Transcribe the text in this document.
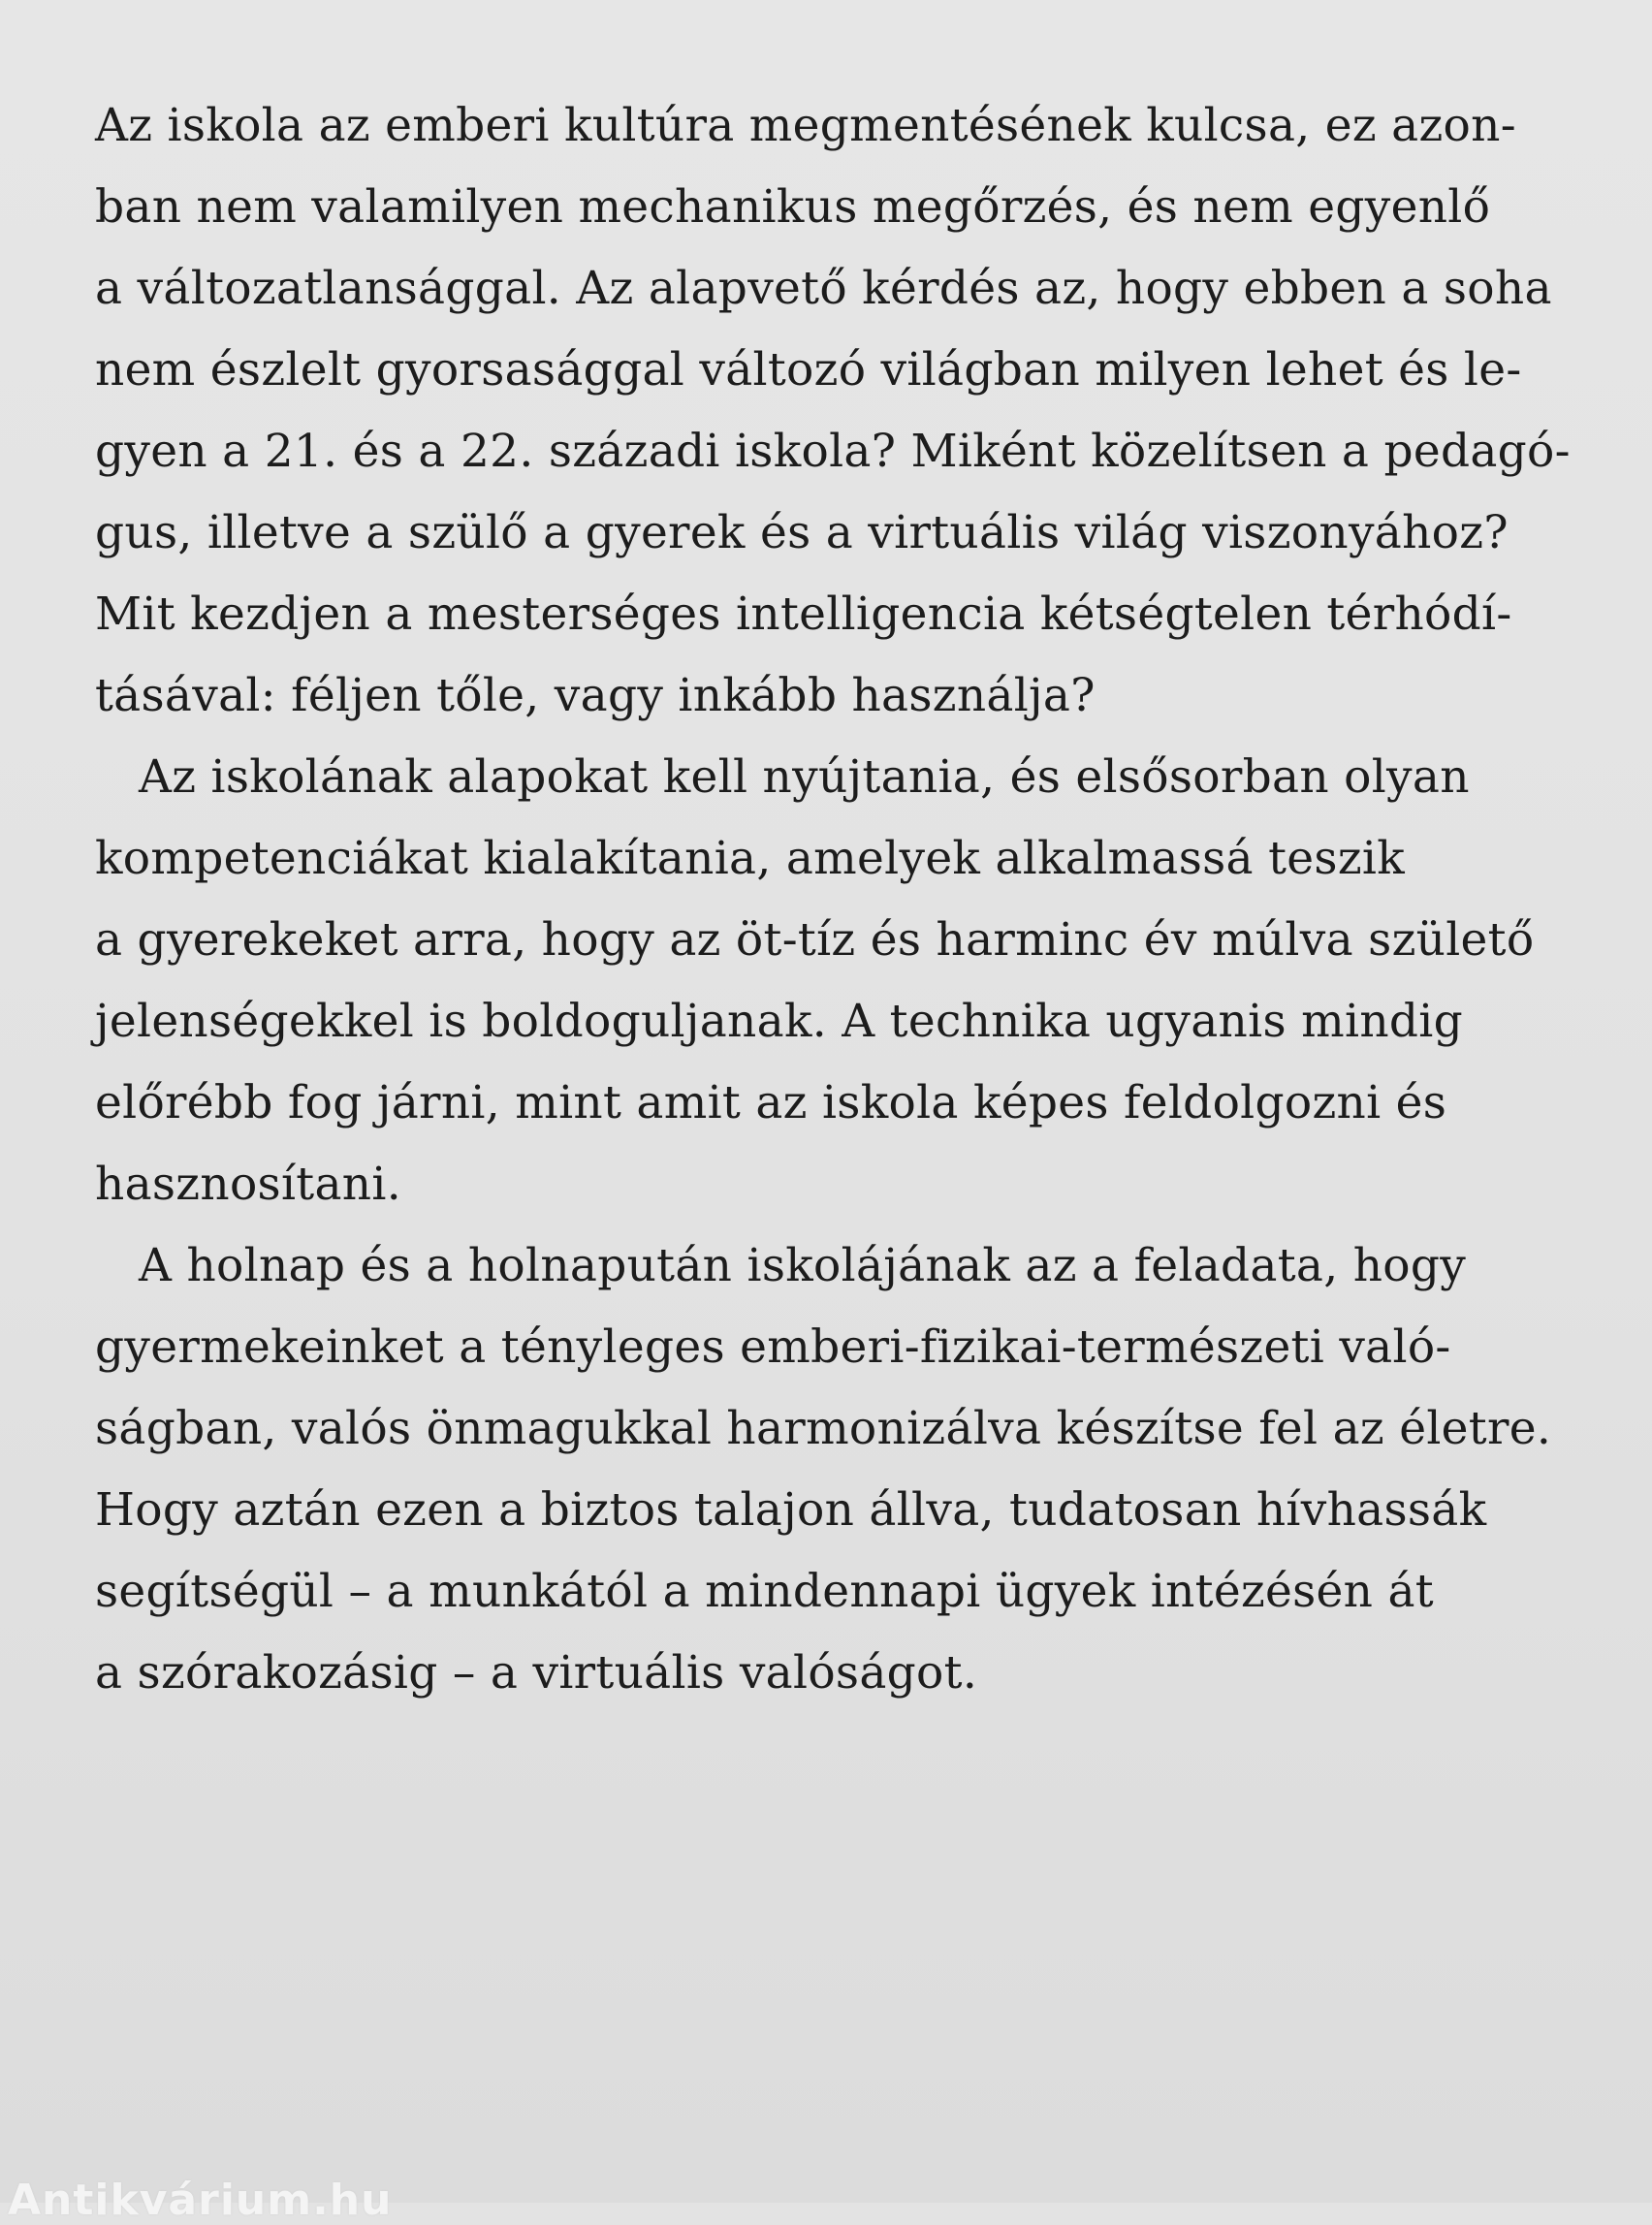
Az iskola az emberi kultúra megmentésének kulcsa, ez azon-
ban nem valamilyen mechanikus megőrzés, és nem egyenlő
a változatlansággal. Az alapvető kérdés az, hogy ebben a soha
nem észlelt gyorsasággal változó világban milyen lehet és le-
gyen a 21. és a 22. századi iskola? Miként közelítsen a pedagó-
gus, illetve a szülő a gyerek és a virtuális világ viszonyához?
Mit kezdjen a mesterséges intelligencia kétségtelen térhódí-
tásával: féljen tőle, vagy inkább használja?
Az iskolának alapokat kell nyújtania, és elsősorban olyan
kompetenciákat kialakítania, amelyek alkalmassá teszik
a gyerekeket arra, hogy az öt-tíz és harminc év múlva születő
jelenségekkel is boldoguljanak. A technika ugyanis mindig
előrébb fog járni, mint amit az iskola képes feldolgozni és
hasznosítani.
A holnap és a holnapután iskolájának az a feladata, hogy
gyermekeinket a tényleges emberi-fizikai-természeti való-
ságban, valós önmagukkal harmonizálva készítse fel az életre.
Hogy aztán ezen a biztos talajon állva, tudatosan hívhassák
segítségül – a munkától a mindennapi ügyek intézésén át
a szórakozásig – a virtuális valóságot.
Antikvárium.hu
